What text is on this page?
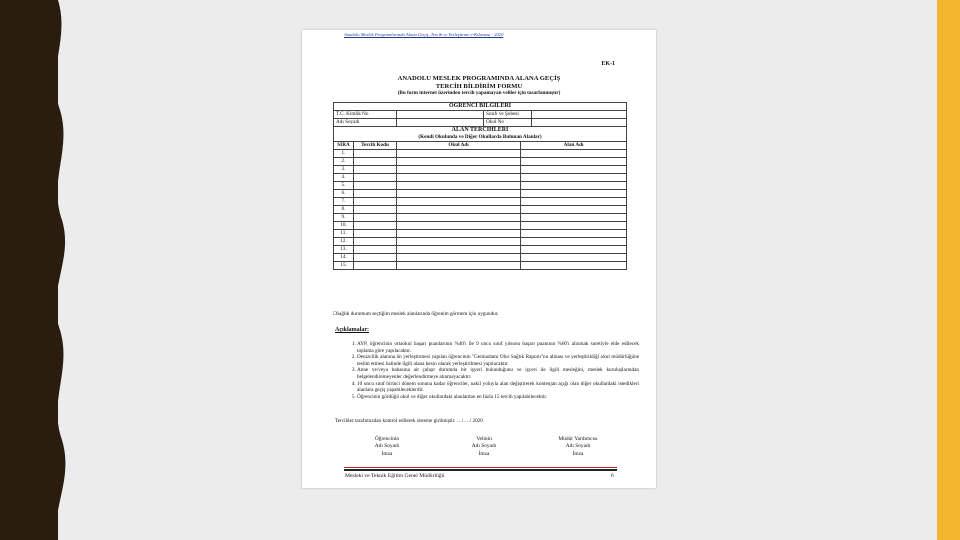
Anadolu Meslek Programlarında Alana Geçiş, Tercih ve Yerleştirme e-Kılavuzu - 2020
EK-1
ANADOLU MESLEK PROGRAMINDA ALANA GEÇİŞ
TERCİH BİLDİRİM FORMU
(Bu form internet üzerinden tercih yapamayan veliler için tasarlanmıştır)
ÖĞRENCİ BİLGİLERİ					
T.C. Kimlik No			Sınıfı ve Şubesi		
Adı Soyadı			Okul No		
ALAN TERCİHLERİ					
(Kendi Okulunda ve Diğer Okullarda Bulunan Alanlar)					
SIRA	Tercih Kodu	Okul Adı		Alan Adı	
1.					
2.					
3.					
4.					
5.					
6.					
7.					
8.					
9.					
10.					
11.					
12.					
13.					
14.					
15.					
□Sağlık durumum seçtiğim meslek alanlarında öğrenim görmem için uygundur.
Açıklamalar:
1. AYP, öğrencinin ortaokul başarı puanlarının %40'ı ile 9 uncu sınıf yılsonu başarı puanının %60'ı alınmak suretiyle elde edilecek toplama göre yapılacaktır.
2. Denizcilik alanına ön yerleştirmesi yapılan öğrencinin "Gemiadamı Olur Sağlık Raporu"nu alması ve yerleştirildiği okul müdürlüğüne teslim etmesi halinde ilgili alana kesin olarak yerleştirilmesi yapılacaktır.
3. Anne ve/veya babasına ait çalışır durumda bir işyeri bulunduğunu ve işyeri ile ilgili mesleğini, meslek kuruluşlarından belgelendiremeyenler değerlendirmeye alınmayacaktır.
4. 10 uncu sınıf birinci dönem sonuna kadar öğrenciler, nakil yoluyla alan değiştirerek kontenjan açığı olan diğer okullardaki istedikleri alanlara geçiş yapabileceklerdir.
5. Öğrencinin gördüğü okul ve diğer okullardaki alanlardan en fazla 15 tercih yapılabilecektir.
Tercihler tarafımızdan kontrol edilerek sisteme girilmiştir. …/…./ 2020
Öğrencinin
Adı Soyadı
İmza
Velinin
Adı Soyadı
İmza
Müdür Yardımcısı
Adı Soyadı
İmza
Mesleki ve Teknik Eğitim Genel Müdürlüğü	6
